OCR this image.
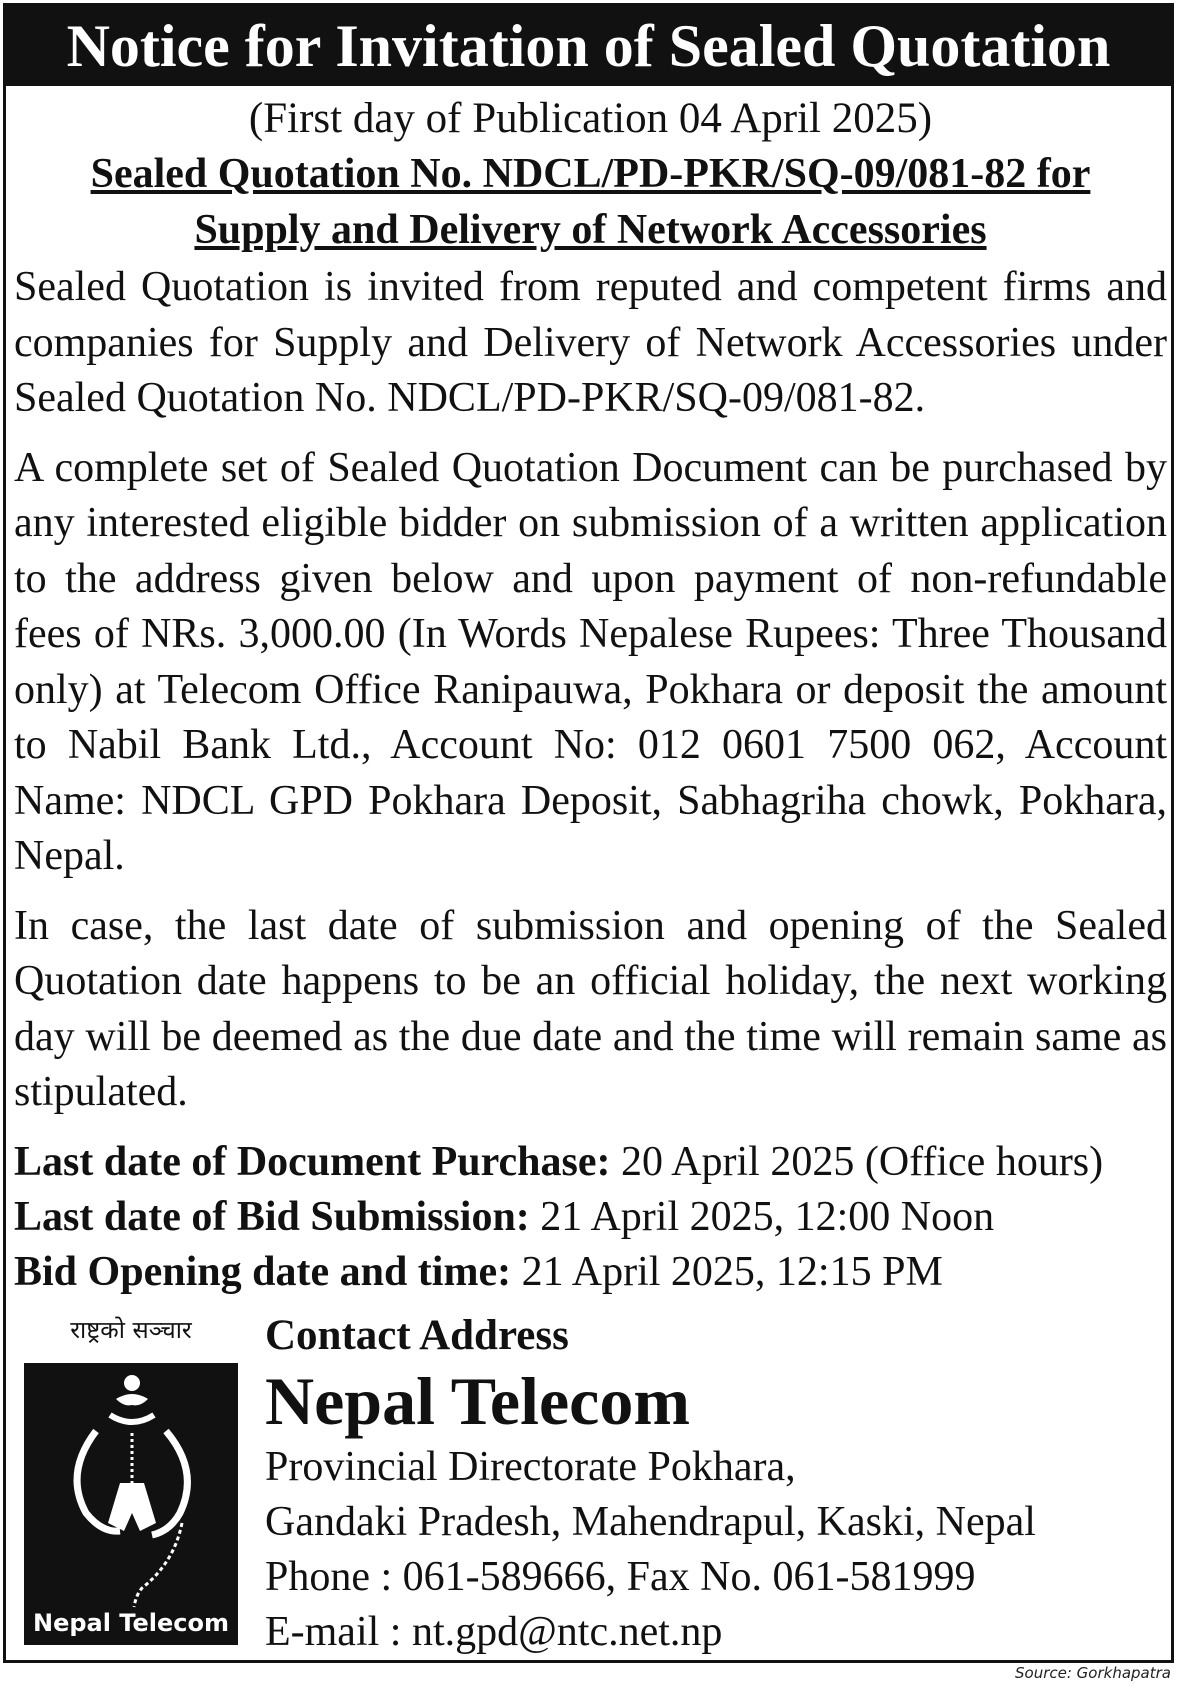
Notice for Invitation of Sealed Quotation

(First day of Publication 04 April 2025)

Sealed Quotation No. NDCL/PD-PKR/SQ-09/081-82 for

Supply and Delivery of Network Accessories

Sealed Quotation is invited from reputed and competent firms and companies for Supply and Delivery of Network Accessories under Sealed Quotation No. NDCL/PD-PKR/SQ-09/081-82.

A complete set of Sealed Quotation Document can be purchased by any interested eligible bidder on submission of a written application to the address given below and upon payment of non-refundable fees of NRs. 3,000.00 (In Words Nepalese Rupees: Three Thousand only) at Telecom Office Ranipauwa, Pokhara or deposit the amount to Nabil Bank Ltd., Account No: 012 0601 7500 062, Account Name: NDCL GPD Pokhara Deposit, Sabhagriha chowk, Pokhara, Nepal.

In case, the last date of submission and opening of the Sealed Quotation date happens to be an official holiday, the next working day will be deemed as the due date and the time will remain same as stipulated.

Last date of Document Purchase: 20 April 2025 (Office hours)

Last date of Bid Submission: 21 April 2025, 12:00 Noon

Bid Opening date and time: 21 April 2025, 12:15 PM

राष्ट्रको सञ्चार
Nepal Telecom

Contact Address

Nepal Telecom

Provincial Directorate Pokhara,

Gandaki Pradesh, Mahendrapul, Kaski, Nepal

Phone : 061-589666, Fax No. 061-581999

E-mail : nt.gpd@ntc.net.np

Source: Gorkhapatra
